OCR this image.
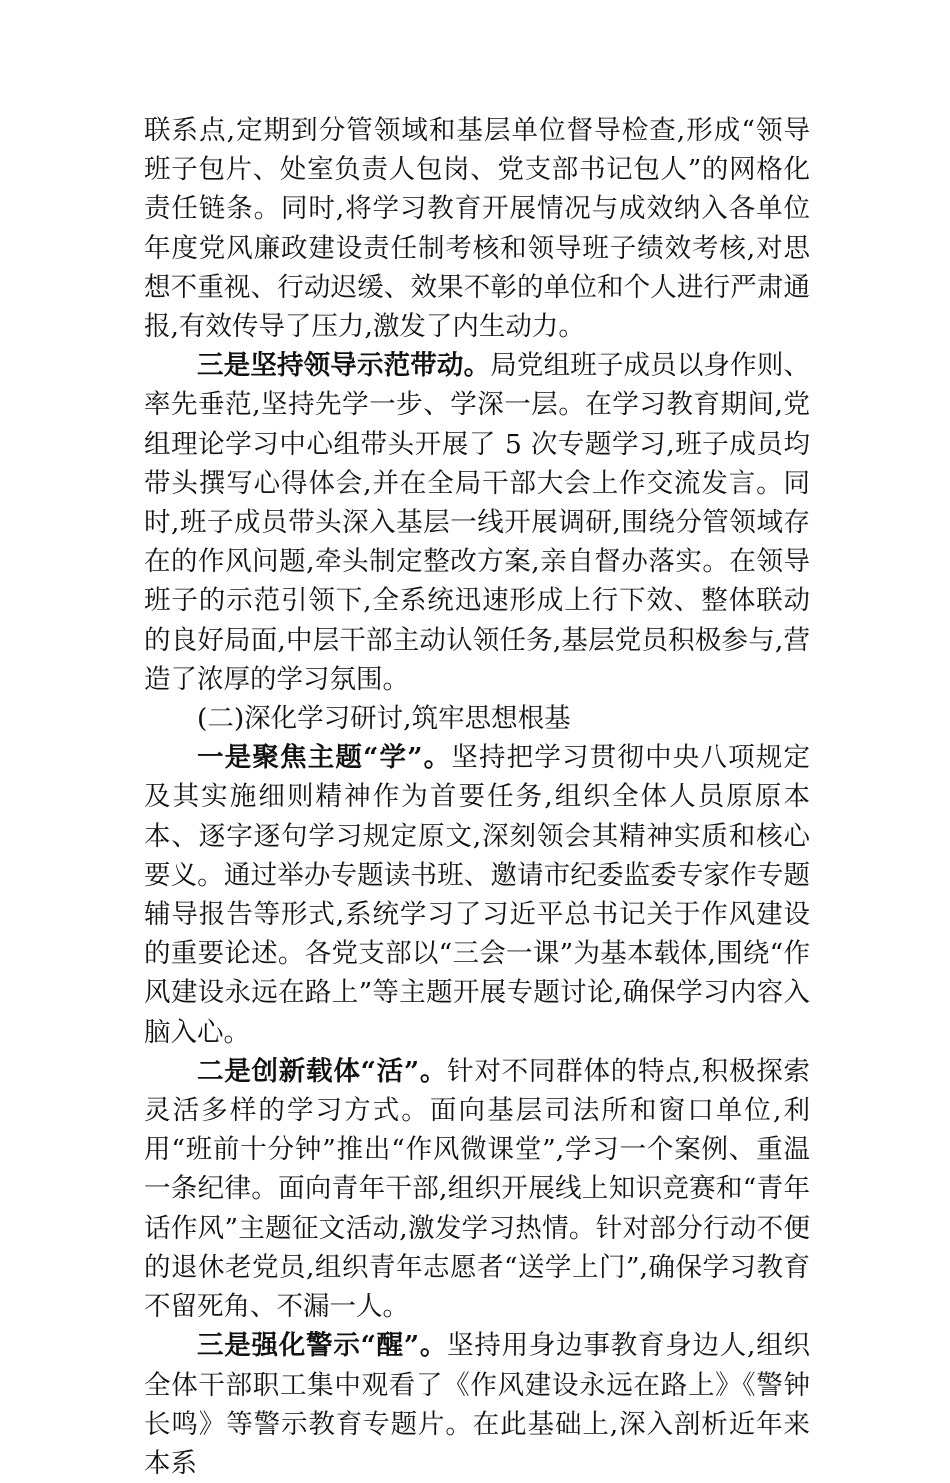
联系点,定期到分管领域和基层单位督导检查,形成“领导班子包片、处室负责人包岗、党支部书记包人”的网格化责任链条。同时,将学习教育开展情况与成效纳入各单位年度党风廉政建设责任制考核和领导班子绩效考核,对思想不重视、行动迟缓、效果不彰的单位和个人进行严肃通报,有效传导了压力,激发了内生动力。

三是坚持领导示范带动。局党组班子成员以身作则、率先垂范,坚持先学一步、学深一层。在学习教育期间,党组理论学习中心组带头开展了 5 次专题学习,班子成员均带头撰写心得体会,并在全局干部大会上作交流发言。同时,班子成员带头深入基层一线开展调研,围绕分管领域存在的作风问题,牵头制定整改方案,亲自督办落实。在领导班子的示范引领下,全系统迅速形成上行下效、整体联动的良好局面,中层干部主动认领任务,基层党员积极参与,营造了浓厚的学习氛围。

(二)深化学习研讨,筑牢思想根基

一是聚焦主题“学”。坚持把学习贯彻中央八项规定及其实施细则精神作为首要任务,组织全体人员原原本本、逐字逐句学习规定原文,深刻领会其精神实质和核心要义。通过举办专题读书班、邀请市纪委监委专家作专题辅导报告等形式,系统学习了习近平总书记关于作风建设的重要论述。各党支部以“三会一课”为基本载体,围绕“作风建设永远在路上”等主题开展专题讨论,确保学习内容入脑入心。

二是创新载体“活”。针对不同群体的特点,积极探索灵活多样的学习方式。面向基层司法所和窗口单位,利用“班前十分钟”推出“作风微课堂”,学习一个案例、重温一条纪律。面向青年干部,组织开展线上知识竞赛和“青年话作风”主题征文活动,激发学习热情。针对部分行动不便的退休老党员,组织青年志愿者“送学上门”,确保学习教育不留死角、不漏一人。

三是强化警示“醒”。坚持用身边事教育身边人,组织全体干部职工集中观看了《作风建设永远在路上》《警钟长鸣》等警示教育专题片。在此基础上,深入剖析近年来本系
